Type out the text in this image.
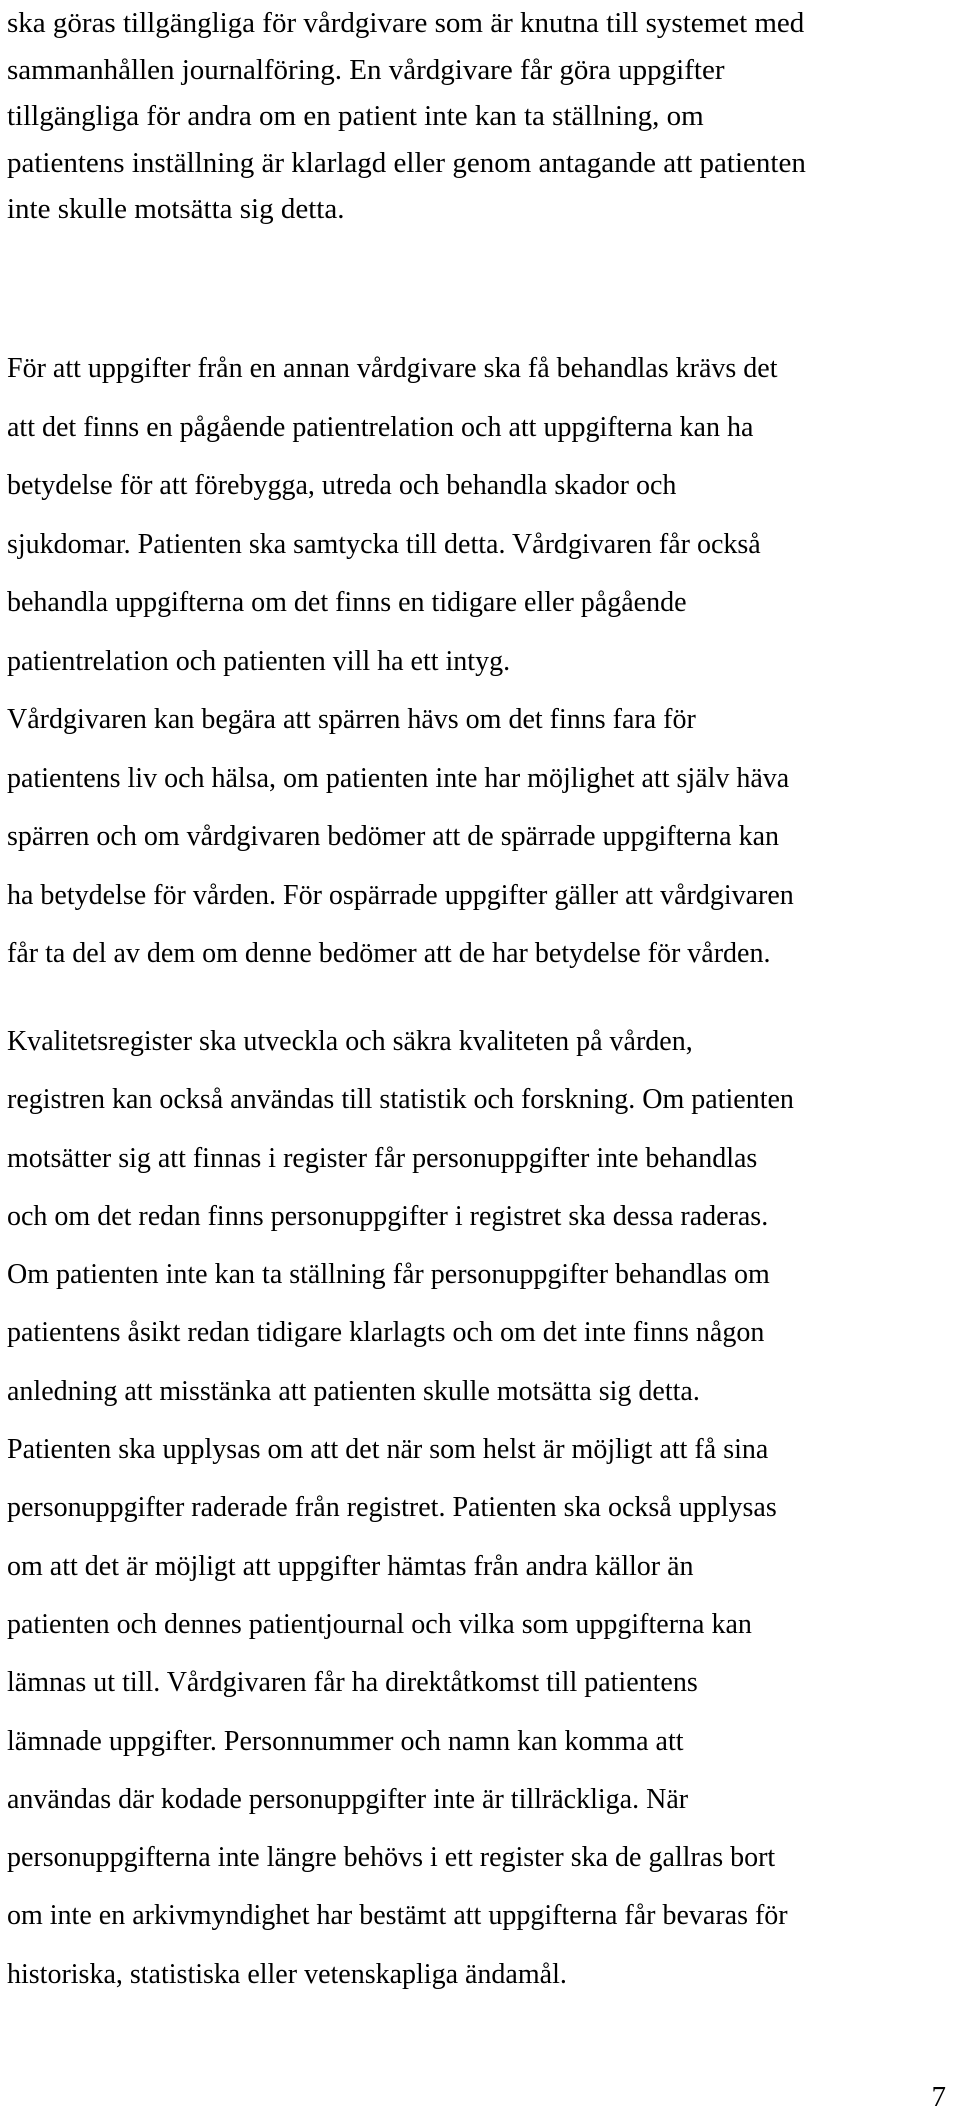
ska göras tillgängliga för vårdgivare som är knutna till systemet med
sammanhållen journalföring. En vårdgivare får göra uppgifter
tillgängliga för andra om en patient inte kan ta ställning, om
patientens inställning är klarlagd eller genom antagande att patienten
inte skulle motsätta sig detta.
För att uppgifter från en annan vårdgivare ska få behandlas krävs det
att det finns en pågående patientrelation och att uppgifterna kan ha
betydelse för att förebygga, utreda och behandla skador och
sjukdomar. Patienten ska samtycka till detta. Vårdgivaren får också
behandla uppgifterna om det finns en tidigare eller pågående
patientrelation och patienten vill ha ett intyg.
Vårdgivaren kan begära att spärren hävs om det finns fara för
patientens liv och hälsa, om patienten inte har möjlighet att själv häva
spärren och om vårdgivaren bedömer att de spärrade uppgifterna kan
ha betydelse för vården. För ospärrade uppgifter gäller att vårdgivaren
får ta del av dem om denne bedömer att de har betydelse för vården.
Kvalitetsregister ska utveckla och säkra kvaliteten på vården,
registren kan också användas till statistik och forskning. Om patienten
motsätter sig att finnas i register får personuppgifter inte behandlas
och om det redan finns personuppgifter i registret ska dessa raderas.
Om patienten inte kan ta ställning får personuppgifter behandlas om
patientens åsikt redan tidigare klarlagts och om det inte finns någon
anledning att misstänka att patienten skulle motsätta sig detta.
Patienten ska upplysas om att det när som helst är möjligt att få sina
personuppgifter raderade från registret. Patienten ska också upplysas
om att det är möjligt att uppgifter hämtas från andra källor än
patienten och dennes patientjournal och vilka som uppgifterna kan
lämnas ut till. Vårdgivaren får ha direktåtkomst till patientens
lämnade uppgifter. Personnummer och namn kan komma att
användas där kodade personuppgifter inte är tillräckliga. När
personuppgifterna inte längre behövs i ett register ska de gallras bort
om inte en arkivmyndighet har bestämt att uppgifterna får bevaras för
historiska, statistiska eller vetenskapliga ändamål.

7
